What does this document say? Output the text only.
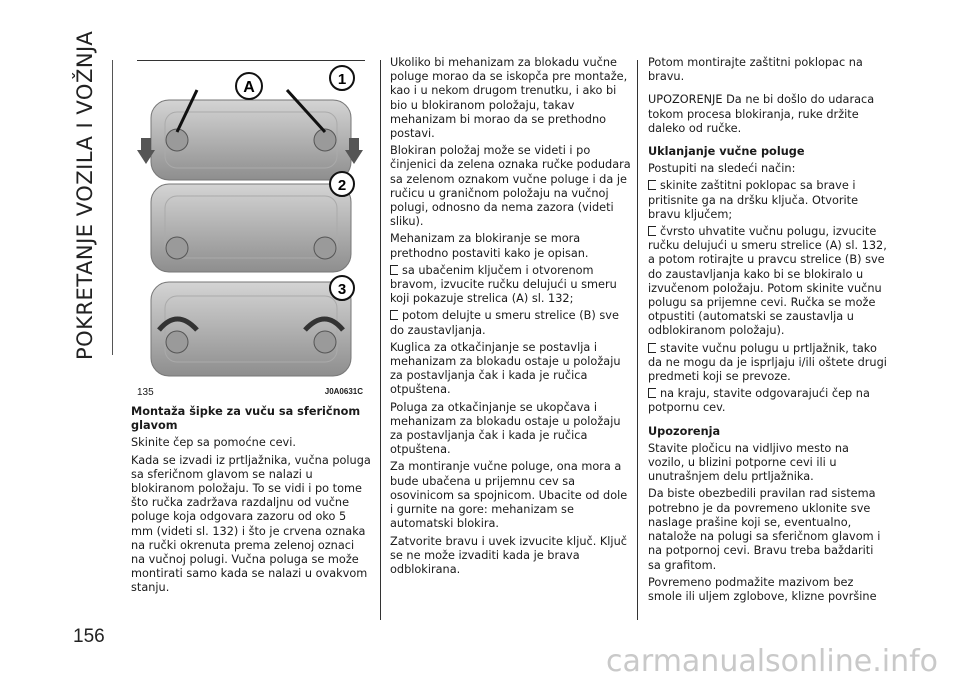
POKRETANJE VOZILA I VOŽNJA	A	1
2
3
135	J0A0631C

Montaža šipke za vuču sa sferičnom glavom

Skinite čep sa pomoćne cevi.

Kada se izvadi iz prtljažnika, vučna poluga sa sferičnom glavom se nalazi u blokiranom položaju. To se vidi i po tome što ručka zadržava razdaljnu od vučne poluge koja odgovara zazoru od oko 5 mm (videti sl. 132) i što je crvena oznaka na ručki okrenuta prema zelenoj oznaci na vučnoj polugi. Vučna poluga se može montirati samo kada se nalazi u ovakvom stanju.

Ukoliko bi mehanizam za blokadu vučne poluge morao da se iskopča pre montaže, kao i u nekom drugom trenutku, i ako bi bio u blokiranom položaju, takav mehanizam bi morao da se prethodno postavi.

Blokiran položaj može se videti i po činjenici da zelena oznaka ručke podudara sa zelenom oznakom vučne poluge i da je ručicu u graničnom položaju na vučnoj polugi, odnosno da nema zazora (videti sliku).

Mehanizam za blokiranje se mora prethodno postaviti kako je opisan.

sa ubačenim ključem i otvorenom bravom, izvucite ručku delujući u smeru koji pokazuje strelica (A) sl. 132;

potom delujte u smeru strelice (B) sve do zaustavljanja.

Kuglica za otkačinjanje se postavlja i mehanizam za blokadu ostaje u položaju za postavljanja čak i kada je ručica otpuštena.

Poluga za otkačinjanje se ukopčava i mehanizam za blokadu ostaje u položaju za postavljanja čak i kada je ručica otpuštena.

Za montiranje vučne poluge, ona mora a bude ubačena u prijemnu cev sa osovinicom sa spojnicom. Ubacite od dole i gurnite na gore: mehanizam se automatski blokira.

Zatvorite bravu i uvek izvucite ključ. Ključ se ne može izvaditi kada je brava odblokirana.

Potom montirajte zaštitni poklopac na bravu.

UPOZORENJE Da ne bi došlo do udaraca tokom procesa blokiranja, ruke držite daleko od ručke.

Uklanjanje vučne poluge

Postupiti na sledeći način:

skinite zaštitni poklopac sa brave i pritisnite ga na dršku ključa. Otvorite bravu ključem;

čvrsto uhvatite vučnu polugu, izvucite ručku delujući u smeru strelice (A) sl. 132, a potom rotirajte u pravcu strelice (B) sve do zaustavljanja kako bi se blokiralo u izvučenom položaju. Potom skinite vučnu polugu sa prijemne cevi. Ručka se može otpustiti (automatski se zaustavlja u odblokiranom položaju).

stavite vučnu polugu u prtljažnik, tako da ne mogu da je isprljaju i/ili oštete drugi predmeti koji se prevoze.

na kraju, stavite odgovarajući čep na potpornu cev.

Upozorenja

Stavite pločicu na vidljivo mesto na vozilo, u blizini potporne cevi ili u unutrašnjem delu prtljažnika.

Da biste obezbedili pravilan rad sistema potrebno je da povremeno uklonite sve naslage prašine koji se, eventualno, natalože na polugi sa sferičnom glavom i na potpornoj cevi. Bravu treba baždariti sa grafitom.

Povremeno podmažite mazivom bez smole ili uljem zglobove, klizne površine

156
carmanualsonline.info
